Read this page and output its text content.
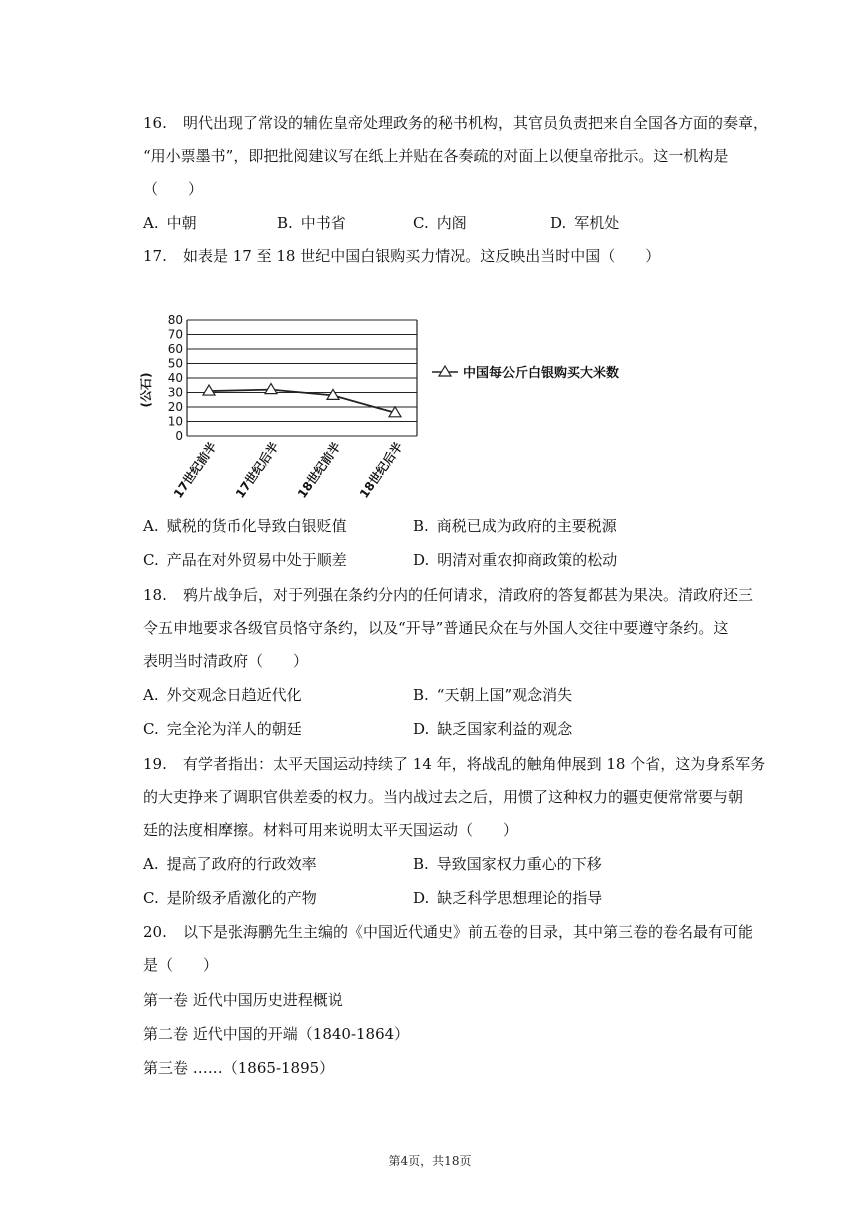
16. 明代出现了常设的辅佐皇帝处理政务的秘书机构，其官员负责把来自全国各方面的奏章，
“用小票墨书”，即把批阅建议写在纸上并贴在各奏疏的对面上以便皇帝批示。这一机构是
（　　）
A. 中朝	B. 中书省	C. 内阁	D. 军机处
17. 如表是 17 至 18 世纪中国白银购买力情况。这反映出当时中国（　　）
0
10
20
30
40
50
60
70
80
(公石)
17世纪前半 17世纪后半 18世纪前半 18世纪后半
中国每公斤白银购买大米数
A. 赋税的货币化导致白银贬值	B. 商税已成为政府的主要税源
C. 产品在对外贸易中处于顺差	D. 明清对重农抑商政策的松动
18. 鸦片战争后，对于列强在条约分内的任何请求，清政府的答复都甚为果决。清政府还三
令五申地要求各级官员恪守条约，以及“开导”普通民众在与外国人交往中要遵守条约。这
表明当时清政府（　　）
A. 外交观念日趋近代化	B. “天朝上国”观念消失
C. 完全沦为洋人的朝廷	D. 缺乏国家利益的观念
19. 有学者指出：太平天国运动持续了 14 年，将战乱的触角伸展到 18 个省，这为身系军务
的大吏挣来了调职官供差委的权力。当内战过去之后，用惯了这种权力的疆吏便常常要与朝
廷的法度相摩擦。材料可用来说明太平天国运动（　　）
A. 提高了政府的行政效率	B. 导致国家权力重心的下移
C. 是阶级矛盾激化的产物	D. 缺乏科学思想理论的指导
20. 以下是张海鹏先生主编的《中国近代通史》前五卷的目录，其中第三卷的卷名最有可能
是（　　）
第一卷 近代中国历史进程概说
第二卷 近代中国的开端（1840-1864）
第三卷 ……（1865-1895）
第4页，共18页
